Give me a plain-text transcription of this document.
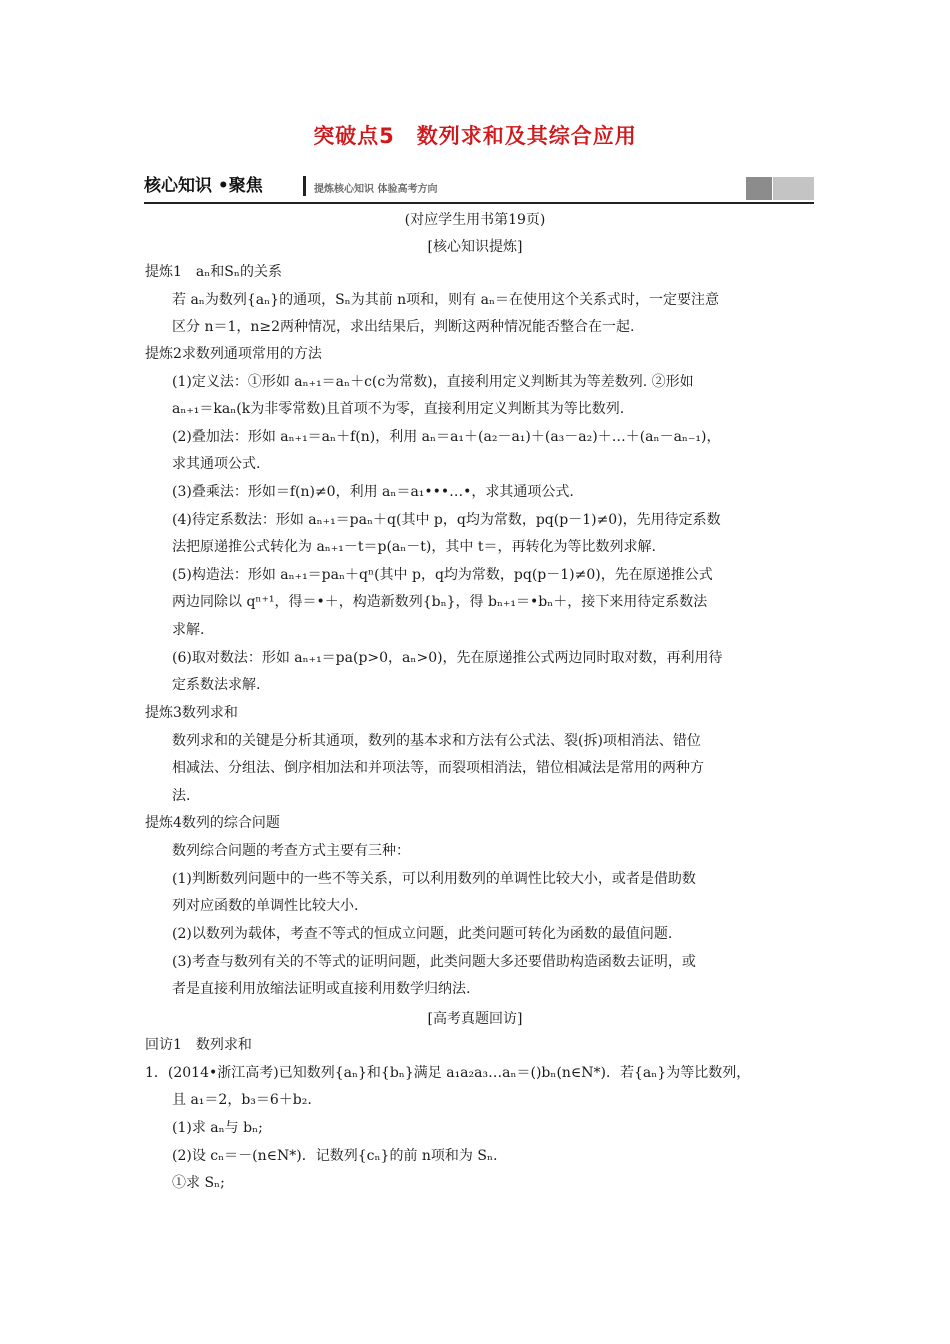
突破点5　数列求和及其综合应用
核心知识 •聚焦	提炼核心知识 体验高考方向
(对应学生用书第19页)
[核心知识提炼]
提炼1　aₙ和Sₙ的关系
若 aₙ为数列{aₙ}的通项，Sₙ为其前 n项和，则有 aₙ＝在使用这个关系式时，一定要注意
区分 n＝1，n≥2两种情况，求出结果后，判断这两种情况能否整合在一起.
提炼2求数列通项常用的方法
(1)定义法：①形如 aₙ₊₁＝aₙ＋c(c为常数)，直接利用定义判断其为等差数列. ②形如
aₙ₊₁＝kaₙ(k为非零常数)且首项不为零，直接利用定义判断其为等比数列.
(2)叠加法：形如 aₙ₊₁＝aₙ＋f(n)，利用 aₙ＝a₁＋(a₂－a₁)＋(a₃－a₂)＋…＋(aₙ－aₙ₋₁)，
求其通项公式.
(3)叠乘法：形如＝f(n)≠0，利用 aₙ＝a₁•••…•，求其通项公式.
(4)待定系数法：形如 aₙ₊₁＝paₙ＋q(其中 p，q均为常数，pq(p－1)≠0)，先用待定系数
法把原递推公式转化为 aₙ₊₁－t＝p(aₙ－t)，其中 t＝，再转化为等比数列求解.
(5)构造法：形如 aₙ₊₁＝paₙ＋qⁿ(其中 p，q均为常数，pq(p－1)≠0)，先在原递推公式
两边同除以 qⁿ⁺¹，得＝•＋，构造新数列{bₙ}，得 bₙ₊₁＝•bₙ＋，接下来用待定系数法
求解.
(6)取对数法：形如 aₙ₊₁＝pa(p>0，aₙ>0)，先在原递推公式两边同时取对数，再利用待
定系数法求解.
提炼3数列求和
数列求和的关键是分析其通项，数列的基本求和方法有公式法、裂(拆)项相消法、错位
相减法、分组法、倒序相加法和并项法等，而裂项相消法，错位相减法是常用的两种方
法.
提炼4数列的综合问题
数列综合问题的考查方式主要有三种：
(1)判断数列问题中的一些不等关系，可以利用数列的单调性比较大小，或者是借助数
列对应函数的单调性比较大小.
(2)以数列为载体，考查不等式的恒成立问题，此类问题可转化为函数的最值问题.
(3)考查与数列有关的不等式的证明问题，此类问题大多还要借助构造函数去证明，或
者是直接利用放缩法证明或直接利用数学归纳法.
[高考真题回访]
回访1　数列求和
1．(2014•浙江高考)已知数列{aₙ}和{bₙ}满足 a₁a₂a₃…aₙ＝()bₙ(n∈N*)．若{aₙ}为等比数列，
且 a₁＝2，b₃＝6＋b₂.
(1)求 aₙ与 bₙ;
(2)设 cₙ＝－(n∈N*)．记数列{cₙ}的前 n项和为 Sₙ.
①求 Sₙ;
